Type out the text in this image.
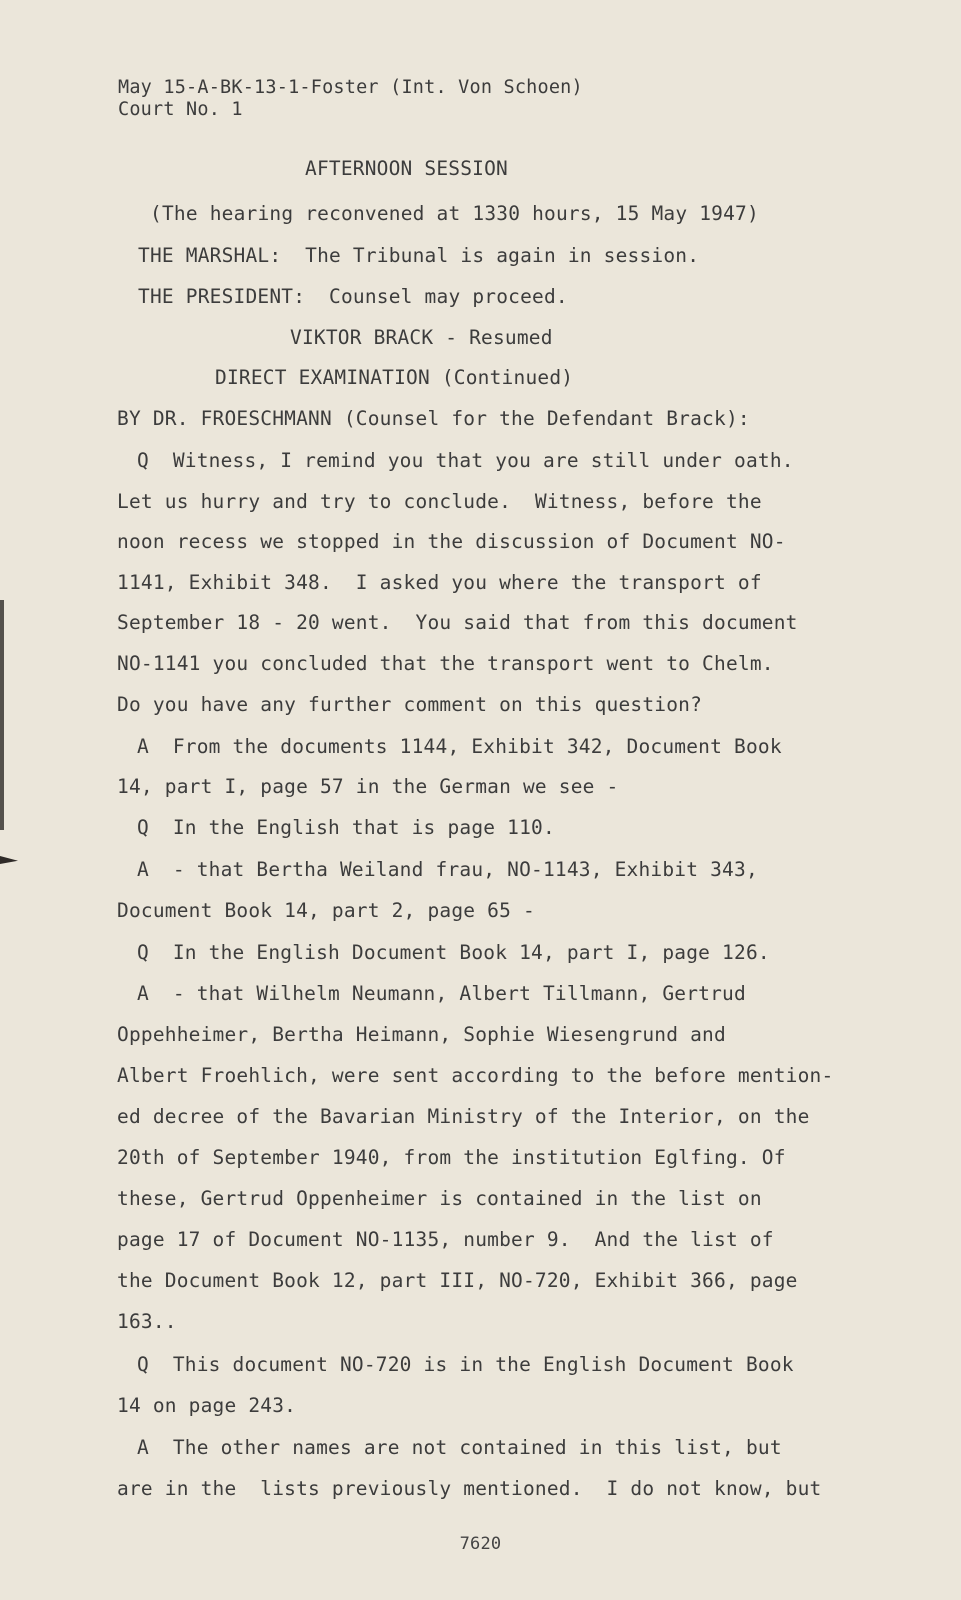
May 15-A-BK-13-1-Foster (Int. Von Schoen)
Court No. 1
AFTERNOON SESSION
(The hearing reconvened at 1330 hours, 15 May 1947)
THE MARSHAL:  The Tribunal is again in session.
THE PRESIDENT:  Counsel may proceed.
VIKTOR BRACK - Resumed
DIRECT EXAMINATION (Continued)
BY DR. FROESCHMANN (Counsel for the Defendant Brack):
Q  Witness, I remind you that you are still under oath.
Let us hurry and try to conclude.  Witness, before the
noon recess we stopped in the discussion of Document NO-
1141, Exhibit 348.  I asked you where the transport of
September 18 - 20 went.  You said that from this document
NO-1141 you concluded that the transport went to Chelm.
Do you have any further comment on this question?
A  From the documents 1144, Exhibit 342, Document Book
14, part I, page 57 in the German we see -
Q  In the English that is page 110.
A  - that Bertha Weiland frau, NO-1143, Exhibit 343,
Document Book 14, part 2, page 65 -
Q  In the English Document Book 14, part I, page 126.
A  - that Wilhelm Neumann, Albert Tillmann, Gertrud
Oppehheimer, Bertha Heimann, Sophie Wiesengrund and
Albert Froehlich, were sent according to the before mention-
ed decree of the Bavarian Ministry of the Interior, on the
20th of September 1940, from the institution Eglfing. Of
these, Gertrud Oppenheimer is contained in the list on
page 17 of Document NO-1135, number 9.  And the list of
the Document Book 12, part III, NO-720, Exhibit 366, page
163..
Q  This document NO-720 is in the English Document Book
14 on page 243.
A  The other names are not contained in this list, but
are in the  lists previously mentioned.  I do not know, but
7620
